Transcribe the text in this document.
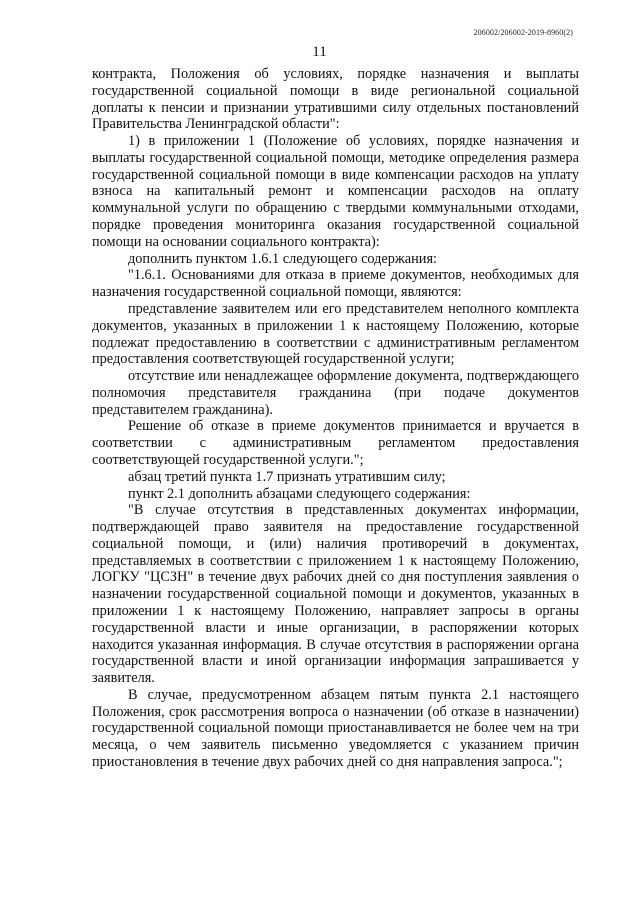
206002/206002-2019-8960(2)
11

контракта, Положения об условиях, порядке назначения и выплаты государственной социальной помощи в виде региональной социальной доплаты к пенсии и признании утратившими силу отдельных постановлений Правительства Ленинградской области":

1) в приложении 1 (Положение об условиях, порядке назначения и выплаты государственной социальной помощи, методике определения размера государственной социальной помощи в виде компенсации расходов на уплату взноса на капитальный ремонт и компенсации расходов на оплату коммунальной услуги по обращению с твердыми коммунальными отходами, порядке проведения мониторинга оказания государственной социальной помощи на основании социального контракта):

дополнить пунктом 1.6.1 следующего содержания:

"1.6.1. Основаниями для отказа в приеме документов, необходимых для назначения государственной социальной помощи, являются:

представление заявителем или его представителем неполного комплекта документов, указанных в приложении 1 к настоящему Положению, которые подлежат предоставлению в соответствии с административным регламентом предоставления соответствующей государственной услуги;

отсутствие или ненадлежащее оформление документа, подтверждающего полномочия представителя гражданина (при подаче документов представителем гражданина).

Решение об отказе в приеме документов принимается и вручается в соответствии с административным регламентом предоставления соответствующей государственной услуги.";

абзац третий пункта 1.7 признать утратившим силу;

пункт 2.1 дополнить абзацами следующего содержания:

"В случае отсутствия в представленных документах информации, подтверждающей право заявителя на предоставление государственной социальной помощи, и (или) наличия противоречий в документах, представляемых в соответствии с приложением 1 к настоящему Положению, ЛОГКУ "ЦСЗН" в течение двух рабочих дней со дня поступления заявления о назначении государственной социальной помощи и документов, указанных в приложении 1 к настоящему Положению, направляет запросы в органы государственной власти и иные организации, в распоряжении которых находится указанная информация. В случае отсутствия в распоряжении органа государственной власти и иной организации информация запрашивается у заявителя.

В случае, предусмотренном абзацем пятым пункта 2.1 настоящего Положения, срок рассмотрения вопроса о назначении (об отказе в назначении) государственной социальной помощи приостанавливается не более чем на три месяца, о чем заявитель письменно уведомляется с указанием причин приостановления в течение двух рабочих дней со дня направления запроса.";
